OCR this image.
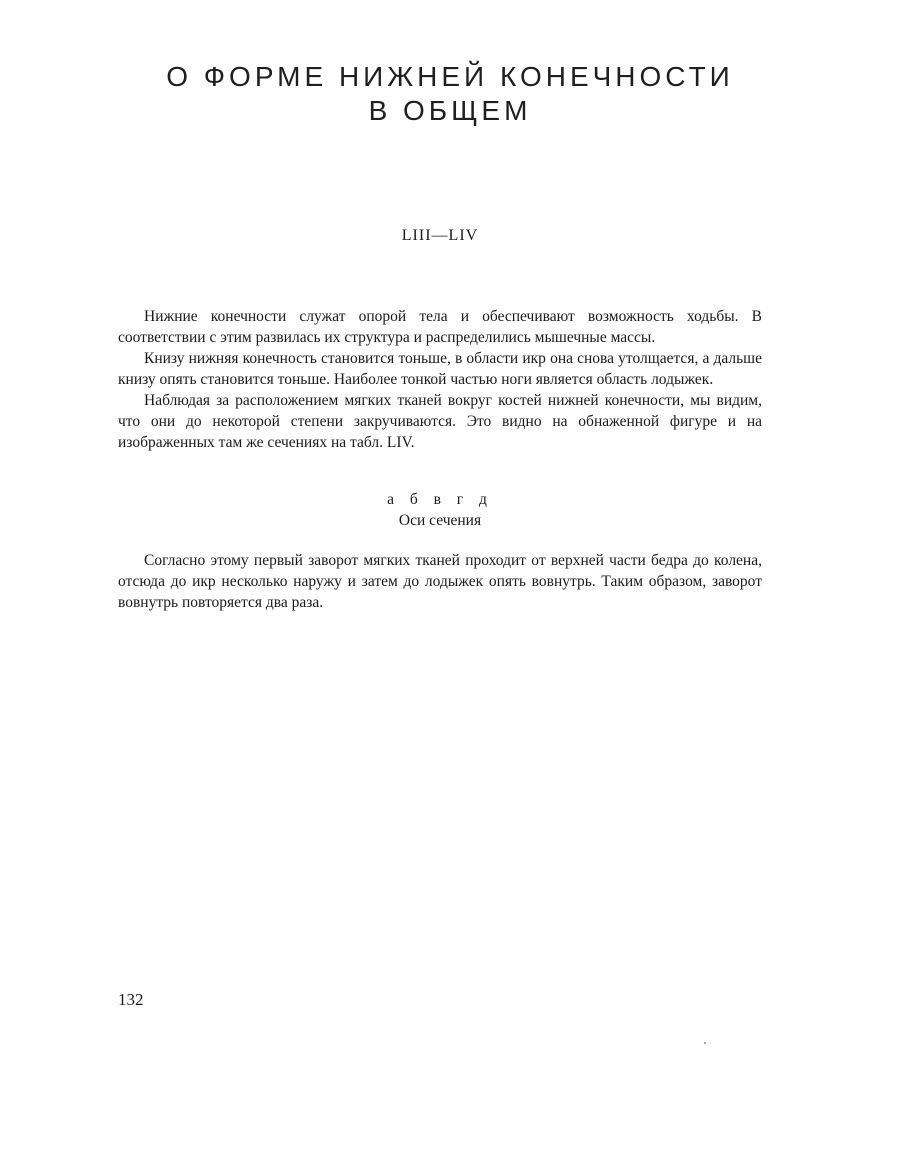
О ФОРМЕ НИЖНЕЙ КОНЕЧНОСТИ
В ОБЩЕМ
LIII—LIV

Нижние конечности служат опорой тела и обеспечивают возможность ходьбы. В соответствии с этим развилась их структура и распределились мышечные массы.

Книзу нижняя конечность становится тоньше, в области икр она снова утолщается, а дальше книзу опять становится тоньше. Наиболее тонкой частью ноги является область лодыжек.

Наблюдая за расположением мягких тканей вокруг костей нижней конечности, мы видим, что они до некоторой степени закручиваются. Это видно на обнаженной фигуре и на изображенных там же сечениях на табл. LIV.

а б в г д
Оси сечения

Согласно этому первый заворот мягких тканей проходит от верхней части бедра до колена, отсюда до икр несколько наружу и затем до лодыжек опять вовнутрь. Таким образом, заворот вовнутрь повторяется два раза.

132
